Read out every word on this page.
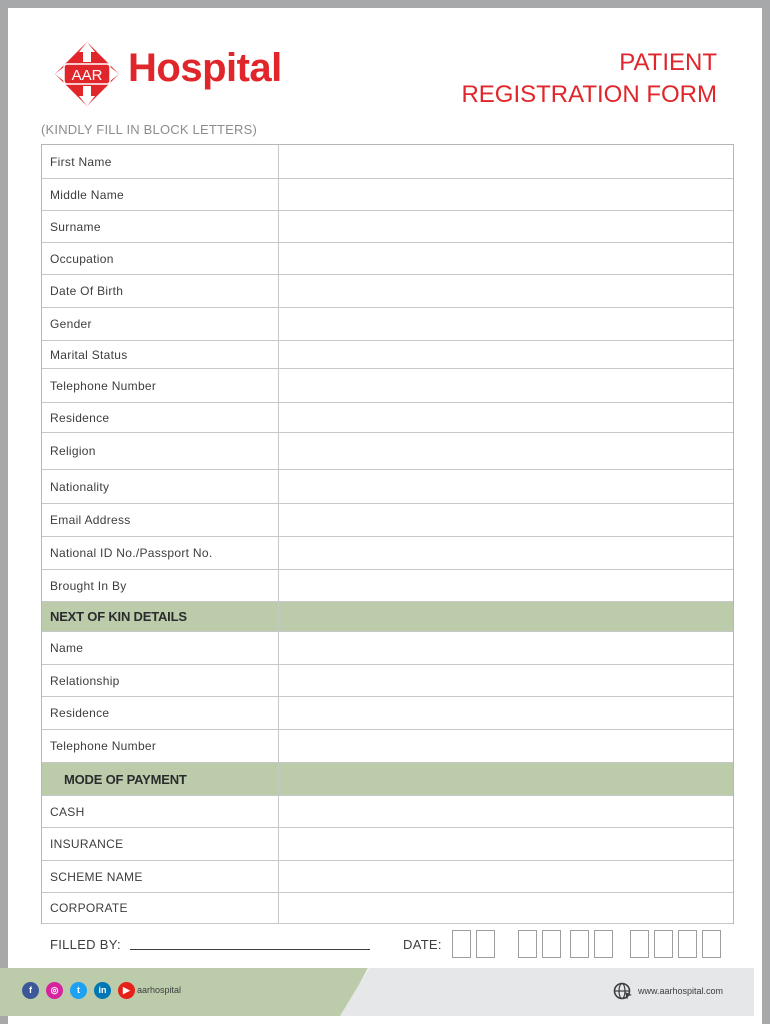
AAR Hospital	PATIENT
REGISTRATION FORM
(KINDLY FILL IN BLOCK LETTERS)
First Name
Middle Name
Surname
Occupation
Date Of Birth
Gender
Marital Status
Telephone Number
Residence
Religion
Nationality
Email Address
National ID No./Passport No.
Brought In By
NEXT OF KIN DETAILS
Name
Relationship
Residence
Telephone Number
MODE OF PAYMENT
CASH
INSURANCE
SCHEME NAME
CORPORATE
FILLED BY:	DATE:
f	◎	t	in	▶ aarhospital	www.aarhospital.com
